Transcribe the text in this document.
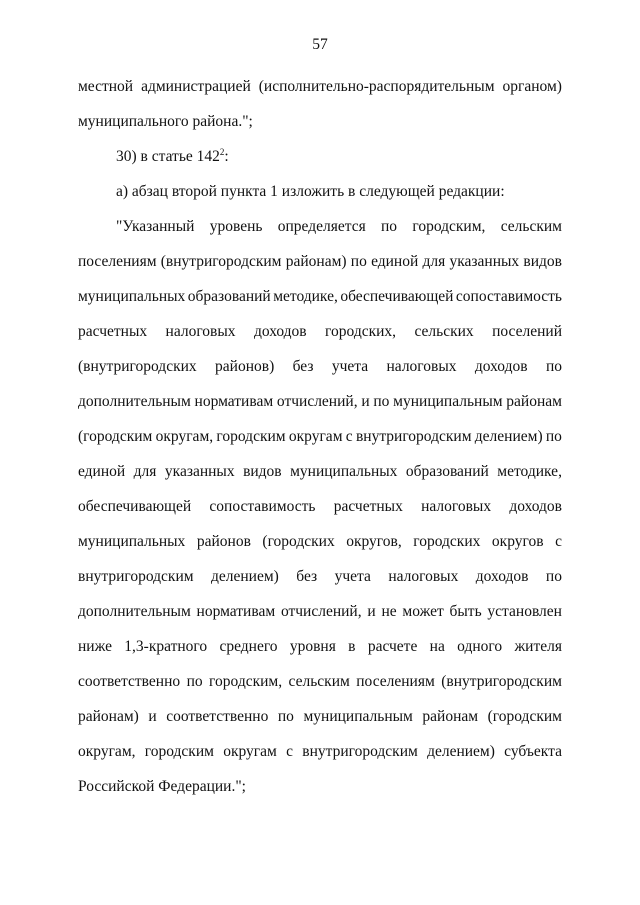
57
местной администрацией (исполнительно-распорядительным органом)
муниципального района.";
30) в статье $142^2$:
а) абзац второй пункта 1 изложить в следующей редакции:
"Указанный уровень определяется по городским, сельским
поселениям (внутригородским районам) по единой для указанных видов
муниципальных образований методике, обеспечивающей сопоставимость
расчетных налоговых доходов городских, сельских поселений
(внутригородских районов) без учета налоговых доходов по
дополнительным нормативам отчислений, и по муниципальным районам
(городским округам, городским округам с внутригородским делением) по
единой для указанных видов муниципальных образований методике,
обеспечивающей сопоставимость расчетных налоговых доходов
муниципальных районов (городских округов, городских округов с
внутригородским делением) без учета налоговых доходов по
дополнительным нормативам отчислений, и не может быть установлен
ниже 1,3-кратного среднего уровня в расчете на одного жителя
соответственно по городским, сельским поселениям (внутригородским
районам) и соответственно по муниципальным районам (городским
округам, городским округам с внутригородским делением) субъекта
Российской Федерации.";
